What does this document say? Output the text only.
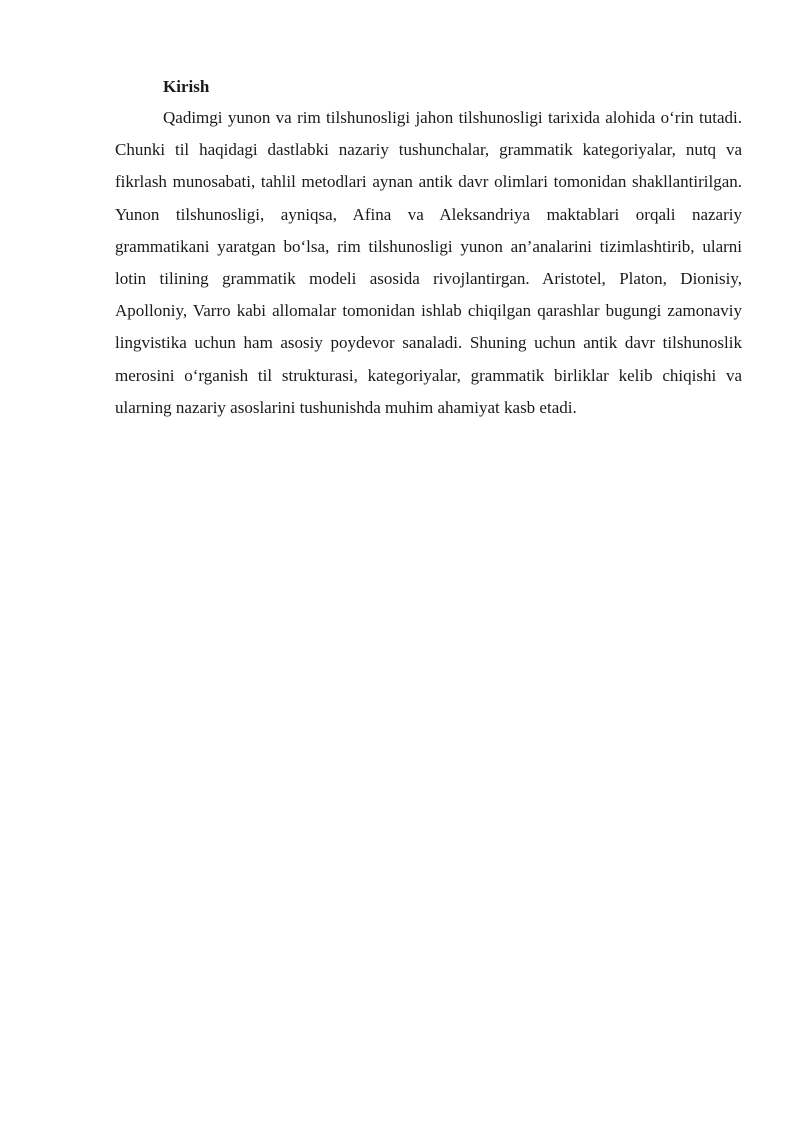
Kirish

Qadimgi yunon va rim tilshunosligi jahon tilshunosligi tarixida alohida o‘rin tutadi. Chunki til haqidagi dastlabki nazariy tushunchalar, grammatik kategoriyalar, nutq va fikrlash munosabati, tahlil metodlari aynan antik davr olimlari tomonidan shakllantirilgan. Yunon tilshunosligi, ayniqsa, Afina va Aleksandriya maktablari orqali nazariy grammatikani yaratgan bo‘lsa, rim tilshunosligi yunon an’analarini tizimlashtirib, ularni lotin tilining grammatik modeli asosida rivojlantirgan. Aristotel, Platon, Dionisiy, Apolloniy, Varro kabi allomalar tomonidan ishlab chiqilgan qarashlar bugungi zamonaviy lingvistika uchun ham asosiy poydevor sanaladi. Shuning uchun antik davr tilshunoslik merosini o‘rganish til strukturasi, kategoriyalar, grammatik birliklar kelib chiqishi va ularning nazariy asoslarini tushunishda muhim ahamiyat kasb etadi.
